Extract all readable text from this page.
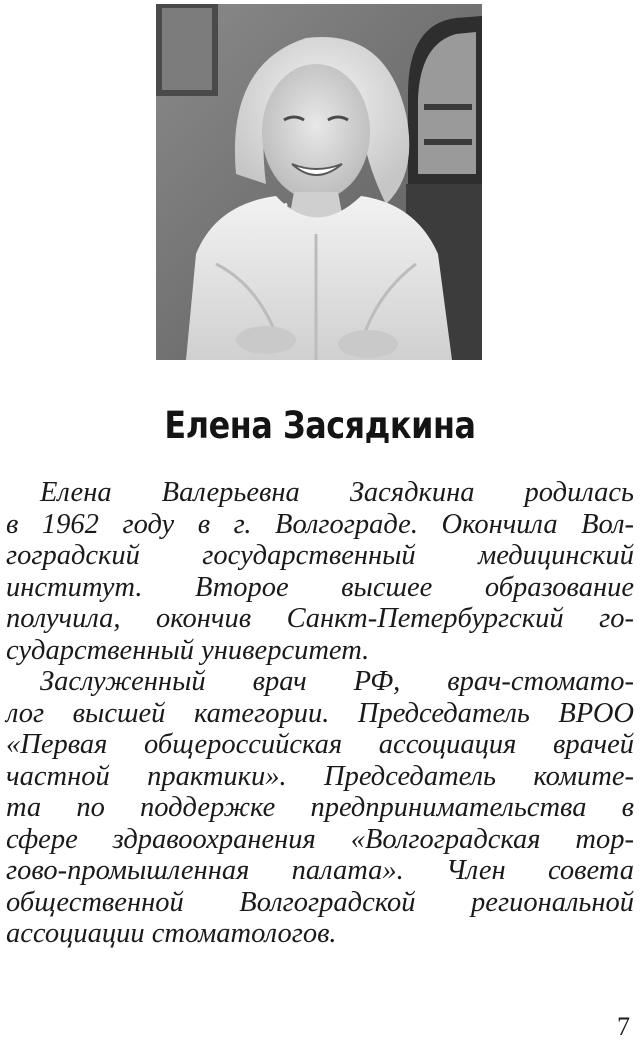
Елена Засядкина
Елена Валерьевна Засядкина родилась
в 1962 году в г. Волгограде. Окончила Вол-
гоградский государственный медицинский
институт. Второе высшее образование
получила, окончив Санкт-Петербургский го-
сударственный университет.
Заслуженный врач РФ, врач-стомато-
лог высшей категории. Председатель ВРОО
«Первая общероссийская ассоциация врачей
частной практики». Председатель комите-
та по поддержке предпринимательства в
сфере здравоохранения «Волгоградская тор-
гово-промышленная палата». Член совета
общественной Волгоградской региональной
ассоциации стоматологов.
7
